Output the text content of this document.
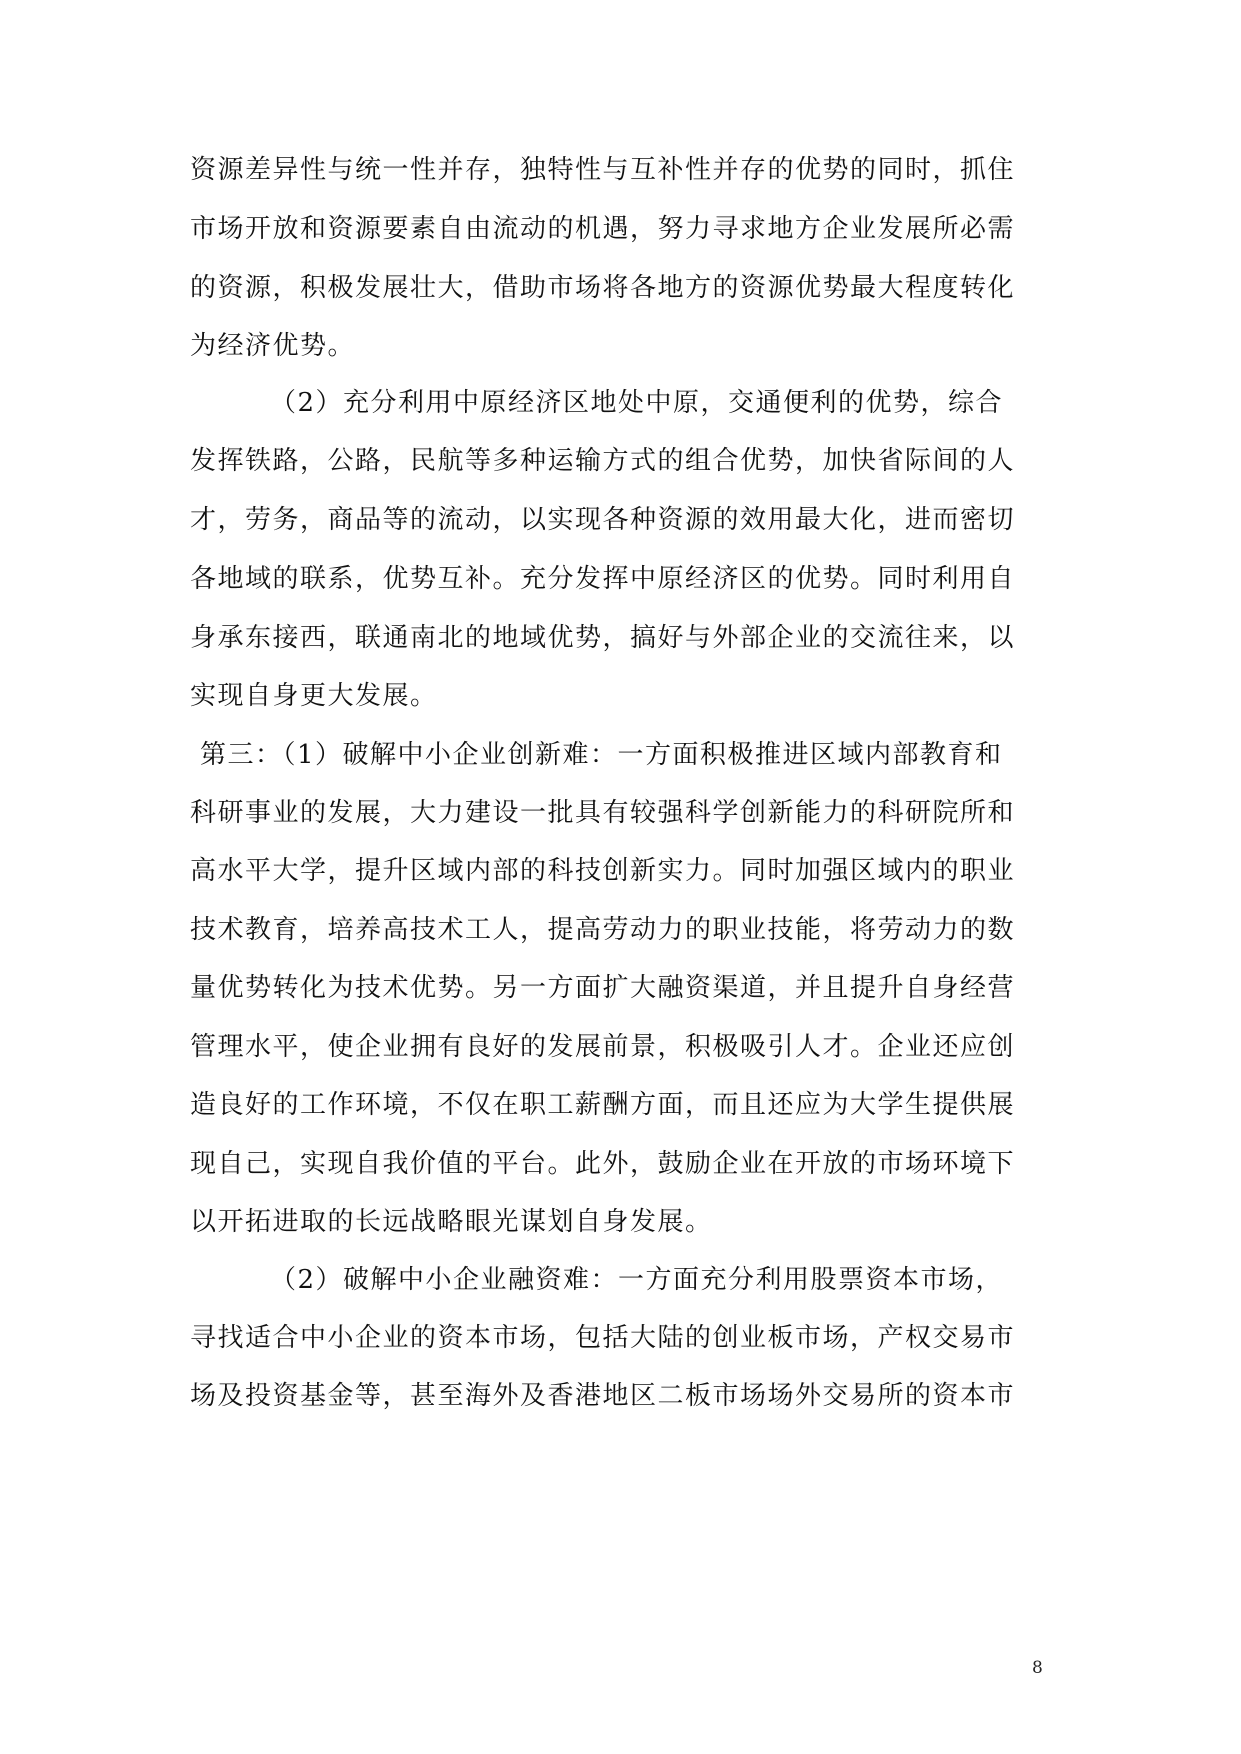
资源差异性与统一性并存，独特性与互补性并存的优势的同时，抓住
市场开放和资源要素自由流动的机遇，努力寻求地方企业发展所必需
的资源，积极发展壮大，借助市场将各地方的资源优势最大程度转化
为经济优势。
（2）充分利用中原经济区地处中原，交通便利的优势，综合
发挥铁路，公路，民航等多种运输方式的组合优势，加快省际间的人
才，劳务，商品等的流动，以实现各种资源的效用最大化，进而密切
各地域的联系，优势互补。充分发挥中原经济区的优势。同时利用自
身承东接西，联通南北的地域优势，搞好与外部企业的交流往来，以
实现自身更大发展。
第三：（1）破解中小企业创新难：一方面积极推进区域内部教育和
科研事业的发展，大力建设一批具有较强科学创新能力的科研院所和
高水平大学，提升区域内部的科技创新实力。同时加强区域内的职业
技术教育，培养高技术工人，提高劳动力的职业技能，将劳动力的数
量优势转化为技术优势。另一方面扩大融资渠道，并且提升自身经营
管理水平，使企业拥有良好的发展前景，积极吸引人才。企业还应创
造良好的工作环境，不仅在职工薪酬方面，而且还应为大学生提供展
现自己，实现自我价值的平台。此外，鼓励企业在开放的市场环境下
以开拓进取的长远战略眼光谋划自身发展。
（2）破解中小企业融资难：一方面充分利用股票资本市场，
寻找适合中小企业的资本市场，包括大陆的创业板市场，产权交易市
场及投资基金等，甚至海外及香港地区二板市场场外交易所的资本市
8
